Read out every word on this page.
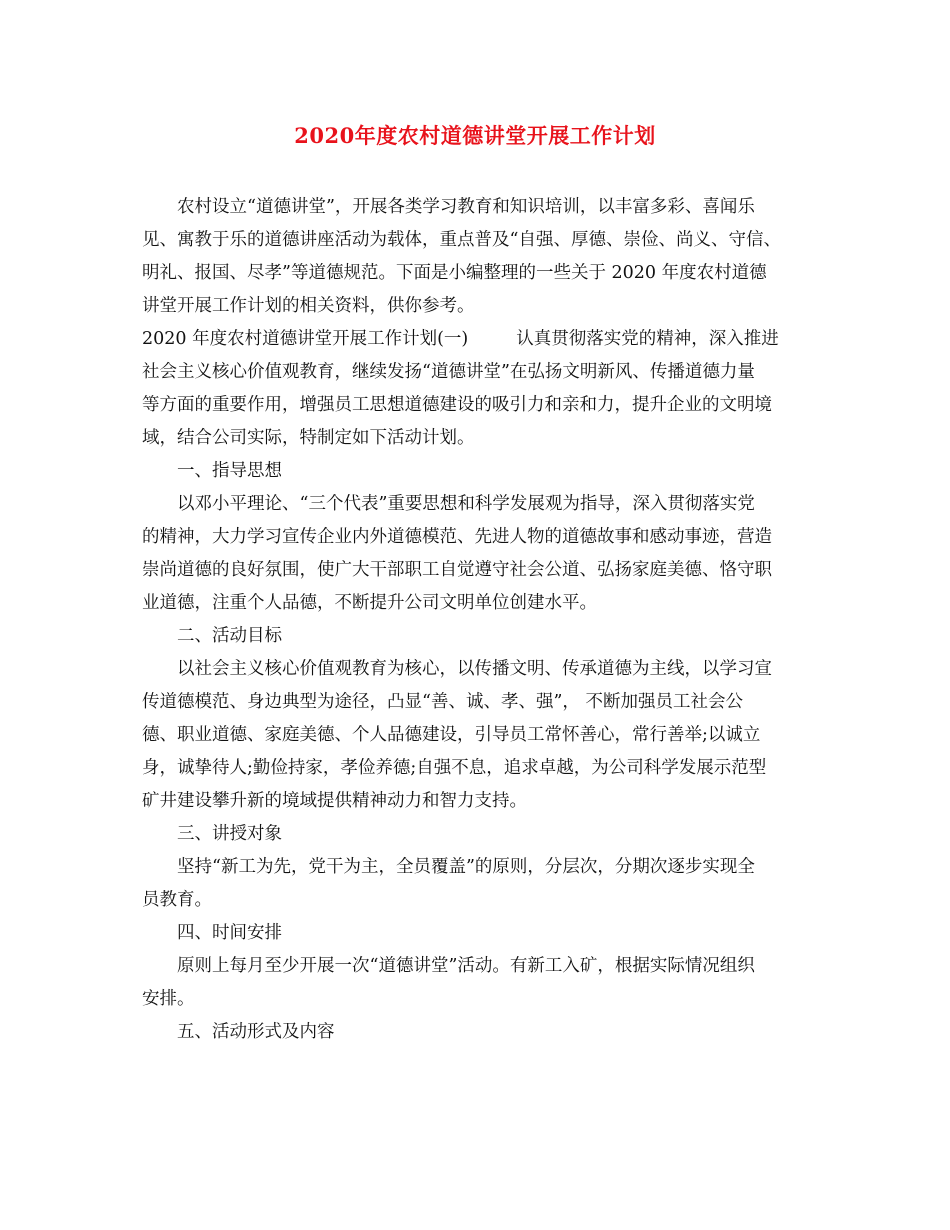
2020年度农村道德讲堂开展工作计划
农村设立“道德讲堂”，开展各类学习教育和知识培训，以丰富多彩、喜闻乐
见、寓教于乐的道德讲座活动为载体，重点普及“自强、厚德、崇俭、尚义、守信、
明礼、报国、尽孝”等道德规范。下面是小编整理的一些关于 2020 年度农村道德
讲堂开展工作计划的相关资料，供你参考。
2020 年度农村道德讲堂开展工作计划(一)	认真贯彻落实党的精神，深入推进
社会主义核心价值观教育，继续发扬“道德讲堂”在弘扬文明新风、传播道德力量
等方面的重要作用，增强员工思想道德建设的吸引力和亲和力，提升企业的文明境
域，结合公司实际，特制定如下活动计划。
一、指导思想
以邓小平理论、“三个代表”重要思想和科学发展观为指导，深入贯彻落实党
的精神，大力学习宣传企业内外道德模范、先进人物的道德故事和感动事迹，营造
崇尚道德的良好氛围，使广大干部职工自觉遵守社会公道、弘扬家庭美德、恪守职
业道德，注重个人品德，不断提升公司文明单位创建水平。
二、活动目标
以社会主义核心价值观教育为核心，以传播文明、传承道德为主线，以学习宣
传道德模范、身边典型为途径，凸显“善、诚、孝、强”， 不断加强员工社会公
德、职业道德、家庭美德、个人品德建设，引导员工常怀善心，常行善举;以诚立
身，诚挚待人;勤俭持家，孝俭养德;自强不息，追求卓越，为公司科学发展示范型
矿井建设攀升新的境域提供精神动力和智力支持。
三、讲授对象
坚持“新工为先，党干为主，全员覆盖”的原则，分层次，分期次逐步实现全
员教育。
四、时间安排
原则上每月至少开展一次“道德讲堂”活动。有新工入矿，根据实际情况组织
安排。
五、活动形式及内容
